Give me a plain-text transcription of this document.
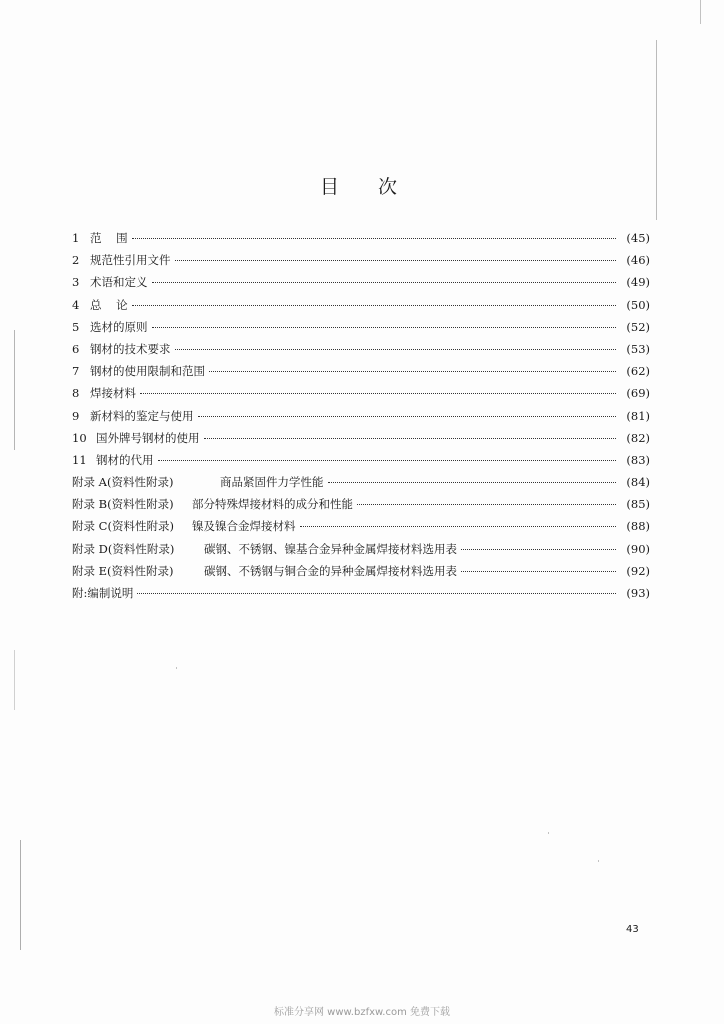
目 次
1 范    围	(45)
2 规范性引用文件	(46)
3 术语和定义	(49)
4 总    论	(50)
5 选材的原则	(52)
6 钢材的技术要求	(53)
7 钢材的使用限制和范围	(62)
8 焊接材料	(69)
9 新材料的鉴定与使用	(81)
10 国外牌号钢材的使用	(82)
11 钢材的代用	(83)
附录 A(资料性附录)	商品紧固件力学性能	(84)
附录 B(资料性附录)	部分特殊焊接材料的成分和性能	(85)
附录 C(资料性附录)	镍及镍合金焊接材料	(88)
附录 D(资料性附录)	碳钢、不锈钢、镍基合金异种金属焊接材料选用表	(90)
附录 E(资料性附录)	碳钢、不锈钢与铜合金的异种金属焊接材料选用表	(92)
附: 编制说明	(93)
43
标准分享网 www.bzfxw.com 免费下载
